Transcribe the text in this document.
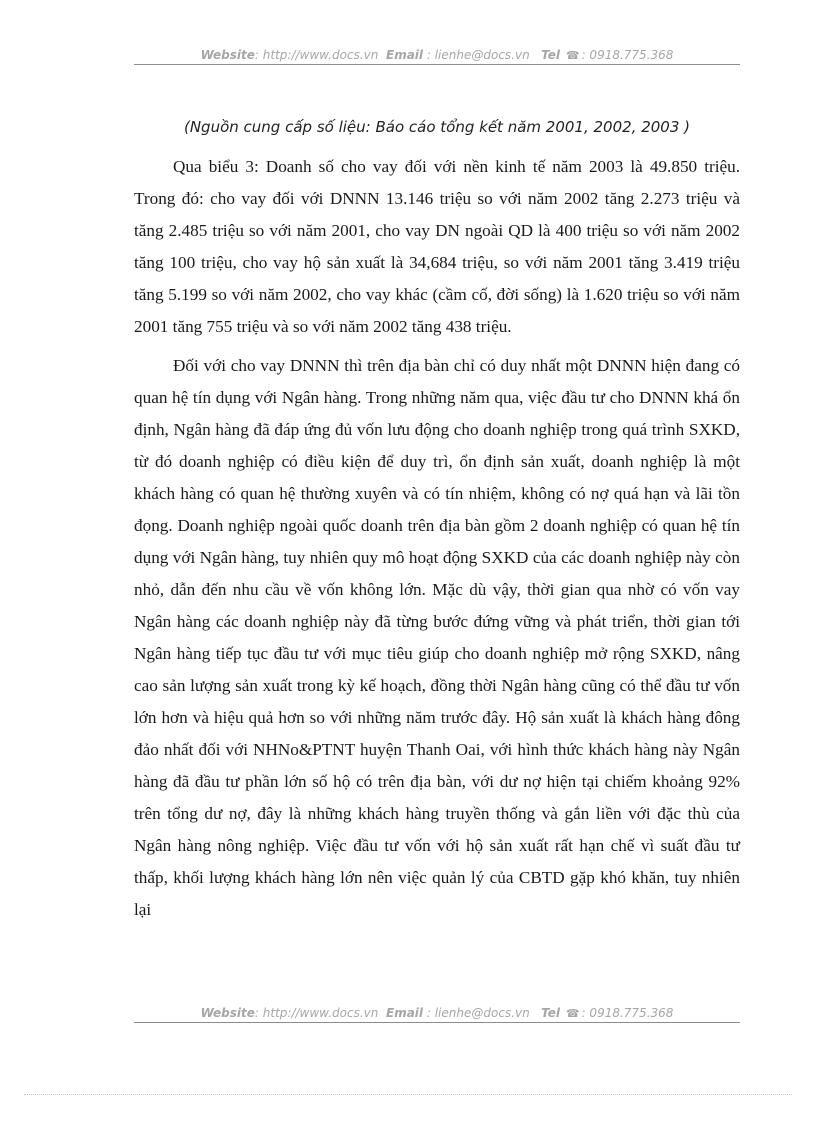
Website: http://www.docs.vn Email : lienhe@docs.vn Tel ☎ : 0918.775.368
(Nguồn cung cấp số liệu: Báo cáo tổng kết năm 2001, 2002, 2003 )

Qua biểu 3: Doanh số cho vay đối với nền kinh tế năm 2003 là 49.850 triệu. Trong đó: cho vay đối với DNNN 13.146 triệu so với năm 2002 tăng 2.273 triệu và tăng 2.485 triệu so với năm 2001, cho vay DN ngoài QD là 400 triệu so với năm 2002 tăng 100 triệu, cho vay hộ sản xuất là 34,684 triệu, so với năm 2001 tăng 3.419 triệu tăng 5.199 so với năm 2002, cho vay khác (cầm cố, đời sống) là 1.620 triệu so với năm 2001 tăng 755 triệu và so với năm 2002 tăng 438 triệu.

Đối với cho vay DNNN thì trên địa bàn chỉ có duy nhất một DNNN hiện đang có quan hệ tín dụng với Ngân hàng. Trong những năm qua, việc đầu tư cho DNNN khá ổn định, Ngân hàng đã đáp ứng đủ vốn lưu động cho doanh nghiệp trong quá trình SXKD, từ đó doanh nghiệp có điều kiện để duy trì, ổn định sản xuất, doanh nghiệp là một khách hàng có quan hệ thường xuyên và có tín nhiệm, không có nợ quá hạn và lãi tồn đọng. Doanh nghiệp ngoài quốc doanh trên địa bàn gồm 2 doanh nghiệp có quan hệ tín dụng với Ngân hàng, tuy nhiên quy mô hoạt động SXKD của các doanh nghiệp này còn nhỏ, dẫn đến nhu cầu về vốn không lớn. Mặc dù vậy, thời gian qua nhờ có vốn vay Ngân hàng các doanh nghiệp này đã từng bước đứng vững và phát triển, thời gian tới Ngân hàng tiếp tục đầu tư với mục tiêu giúp cho doanh nghiệp mở rộng SXKD, nâng cao sản lượng sản xuất trong kỳ kế hoạch, đồng thời Ngân hàng cũng có thể đầu tư vốn lớn hơn và hiệu quả hơn so với những năm trước đây. Hộ sản xuất là khách hàng đông đảo nhất đối với NHNo&PTNT huyện Thanh Oai, với hình thức khách hàng này Ngân hàng đã đầu tư phần lớn số hộ có trên địa bàn, với dư nợ hiện tại chiếm khoảng 92% trên tổng dư nợ, đây là những khách hàng truyền thống và gắn liền với đặc thù của Ngân hàng nông nghiệp. Việc đầu tư vốn với hộ sản xuất rất hạn chế vì suất đầu tư thấp, khối lượng khách hàng lớn nên việc quản lý của CBTD gặp khó khăn, tuy nhiên lại

Website: http://www.docs.vn Email : lienhe@docs.vn Tel ☎ : 0918.775.368
